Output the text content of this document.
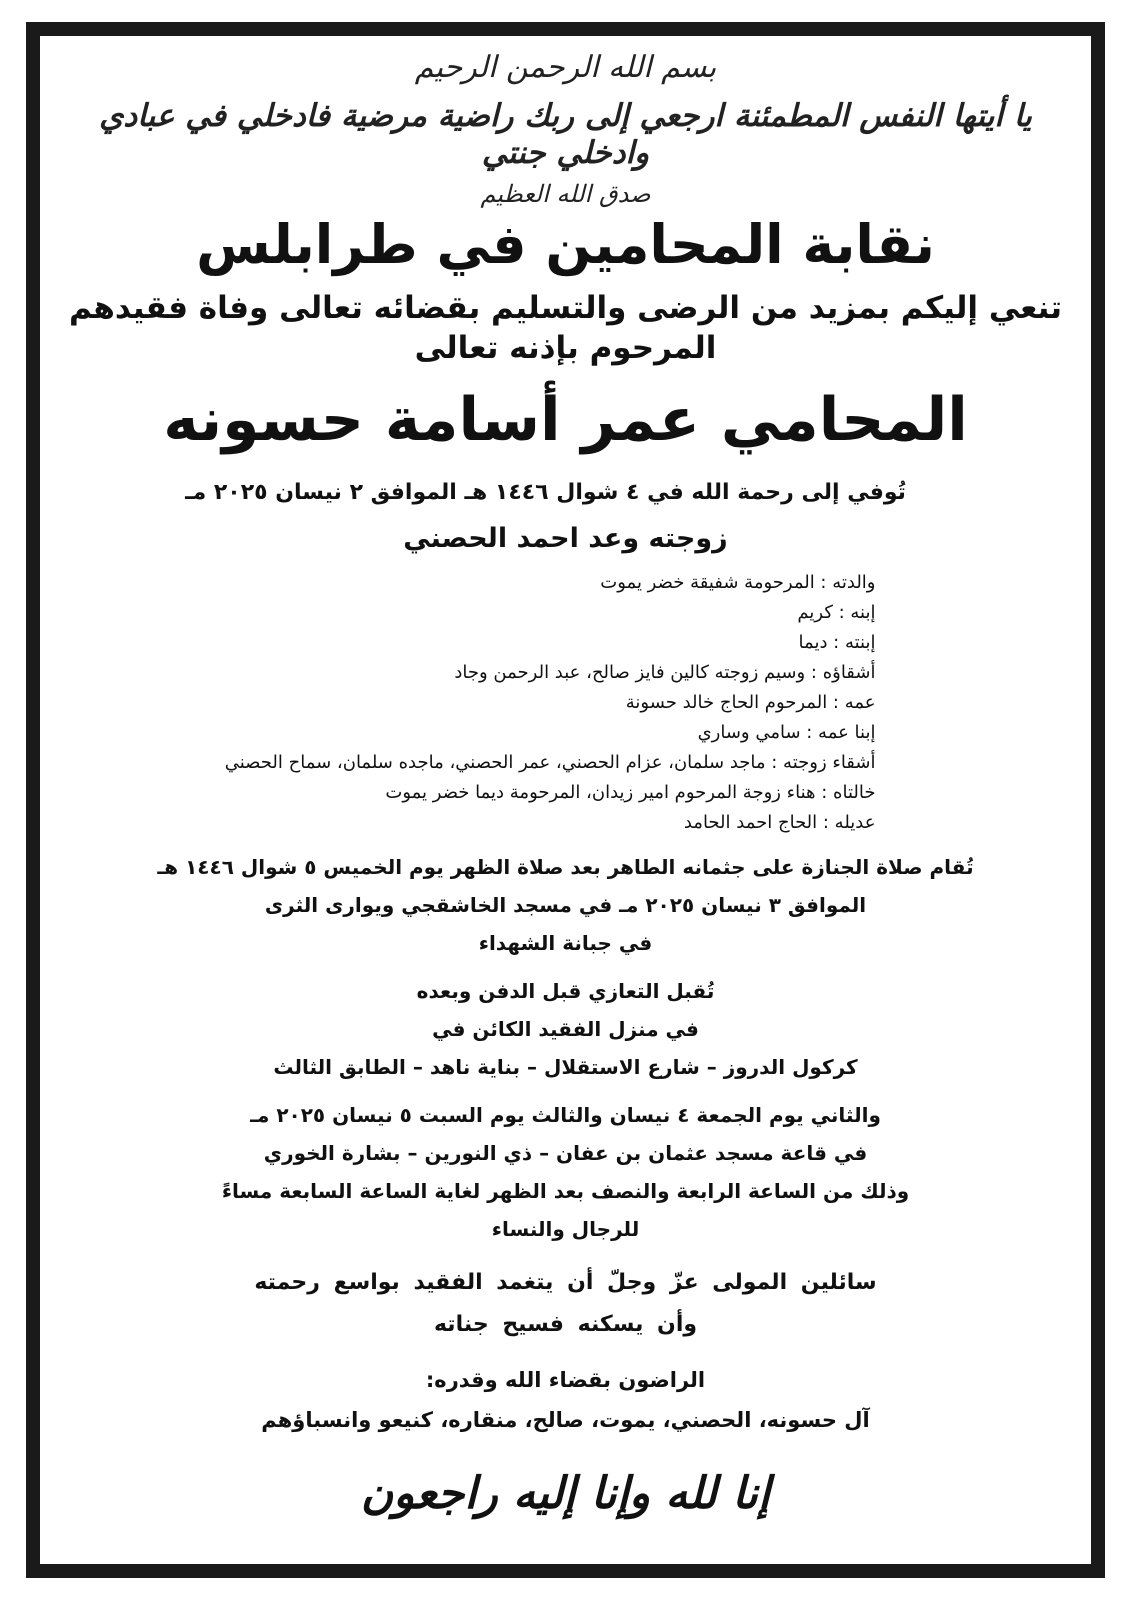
بسم الله الرحمن الرحيم
يا أيتها النفس المطمئنة ارجعي إلى ربك راضية مرضية فادخلي في عبادي وادخلي جنتي
صدق الله العظيم
نقابة المحامين في طرابلس
تنعي إليكم بمزيد من الرضى والتسليم بقضائه تعالى وفاة فقيدهم المرحوم بإذنه تعالى
المحامي عمر أسامة حسونه
تُوفي إلى رحمة الله في ٤ شوال ١٤٤٦ هـ الموافق ٢ نيسان ٢٠٢٥ مـ
زوجته وعد احمد الحصني
والدته : المرحومة شفيقة خضر يموت
إبنه : كريم
إبنته : ديما
أشقاؤه : وسيم زوجته كالين فايز صالح، عبد الرحمن وجاد
عمه : المرحوم الحاج خالد حسونة
إبنا عمه : سامي وساري
أشقاء زوجته : ماجد سلمان، عزام الحصني، عمر الحصني، ماجده سلمان، سماح الحصني
خالتاه : هناء زوجة المرحوم امير زيدان، المرحومة ديما خضر يموت
عديله : الحاج احمد الحامد
تُقام صلاة الجنازة على جثمانه الطاهر بعد صلاة الظهر يوم الخميس ٥ شوال ١٤٤٦ هـ
الموافق ٣ نيسان ٢٠٢٥ مـ في مسجد الخاشقجي ويوارى الثرى
في جبانة الشهداء
تُقبل التعازي قبل الدفن وبعده
في منزل الفقيد الكائن في
كركول الدروز – شارع الاستقلال – بناية ناهد – الطابق الثالث
والثاني يوم الجمعة ٤ نيسان والثالث يوم السبت ٥ نيسان ٢٠٢٥ مـ
في قاعة مسجد عثمان بن عفان – ذي النورين – بشارة الخوري
وذلك من الساعة الرابعة والنصف بعد الظهر لغاية الساعة السابعة مساءً
للرجال والنساء
سائلين المولى عزّ وجلّ أن يتغمد الفقيد بواسع رحمته
وأن يسكنه فسيح جناته
الراضون بقضاء الله وقدره:
آل حسونه، الحصني، يموت، صالح، منقاره، كنيعو وانسباؤهم
إنا لله وإنا إليه راجعون
